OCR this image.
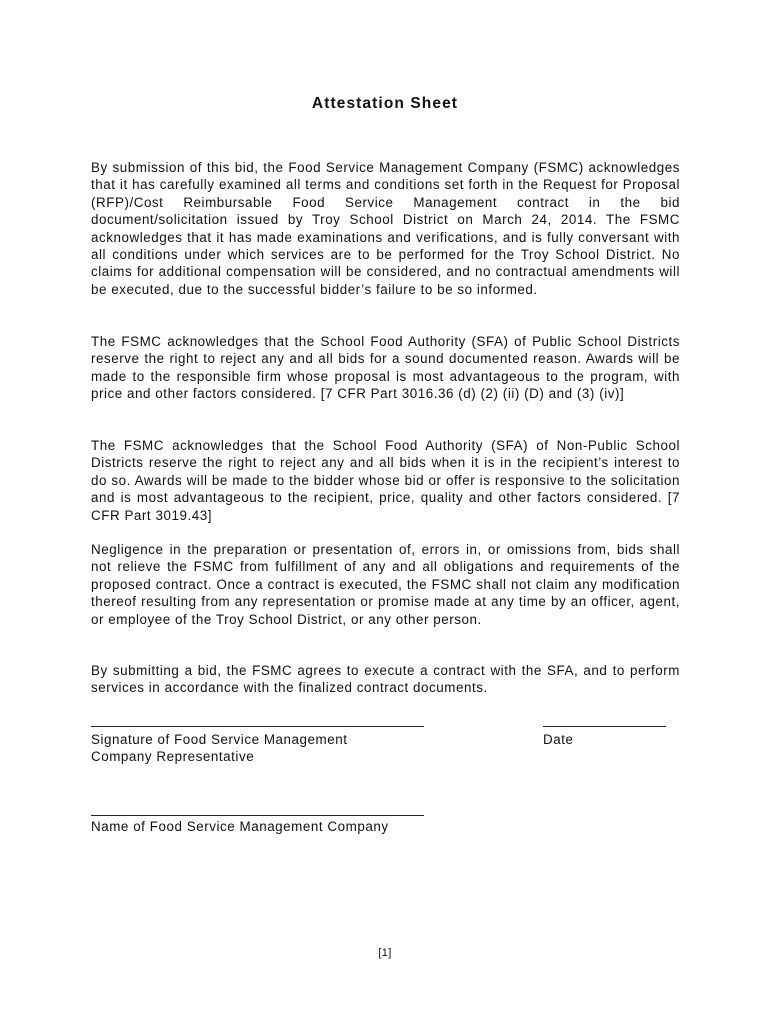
Attestation Sheet

By submission of this bid, the Food Service Management Company (FSMC) acknowledges that it has carefully examined all terms and conditions set forth in the Request for Proposal (RFP)/Cost Reimbursable Food Service Management contract in the bid document/solicitation issued by Troy School District on March 24, 2014. The FSMC acknowledges that it has made examinations and verifications, and is fully conversant with all conditions under which services are to be performed for the Troy School District. No claims for additional compensation will be considered, and no contractual amendments will be executed, due to the successful bidder’s failure to be so informed.

The FSMC acknowledges that the School Food Authority (SFA) of Public School Districts reserve the right to reject any and all bids for a sound documented reason. Awards will be made to the responsible firm whose proposal is most advantageous to the program, with price and other factors considered. [7 CFR Part 3016.36 (d) (2) (ii) (D) and (3) (iv)]

The FSMC acknowledges that the School Food Authority (SFA) of Non-Public School Districts reserve the right to reject any and all bids when it is in the recipient’s interest to do so. Awards will be made to the bidder whose bid or offer is responsive to the solicitation and is most advantageous to the recipient, price, quality and other factors considered. [7 CFR Part 3019.43]

Negligence in the preparation or presentation of, errors in, or omissions from, bids shall not relieve the FSMC from fulfillment of any and all obligations and requirements of the proposed contract. Once a contract is executed, the FSMC shall not claim any modification thereof resulting from any representation or promise made at any time by an officer, agent, or employee of the Troy School District, or any other person.

By submitting a bid, the FSMC agrees to execute a contract with the SFA, and to perform services in accordance with the finalized contract documents.

Signature of Food Service Management
Company Representative
Date
Name of Food Service Management Company
[1]
